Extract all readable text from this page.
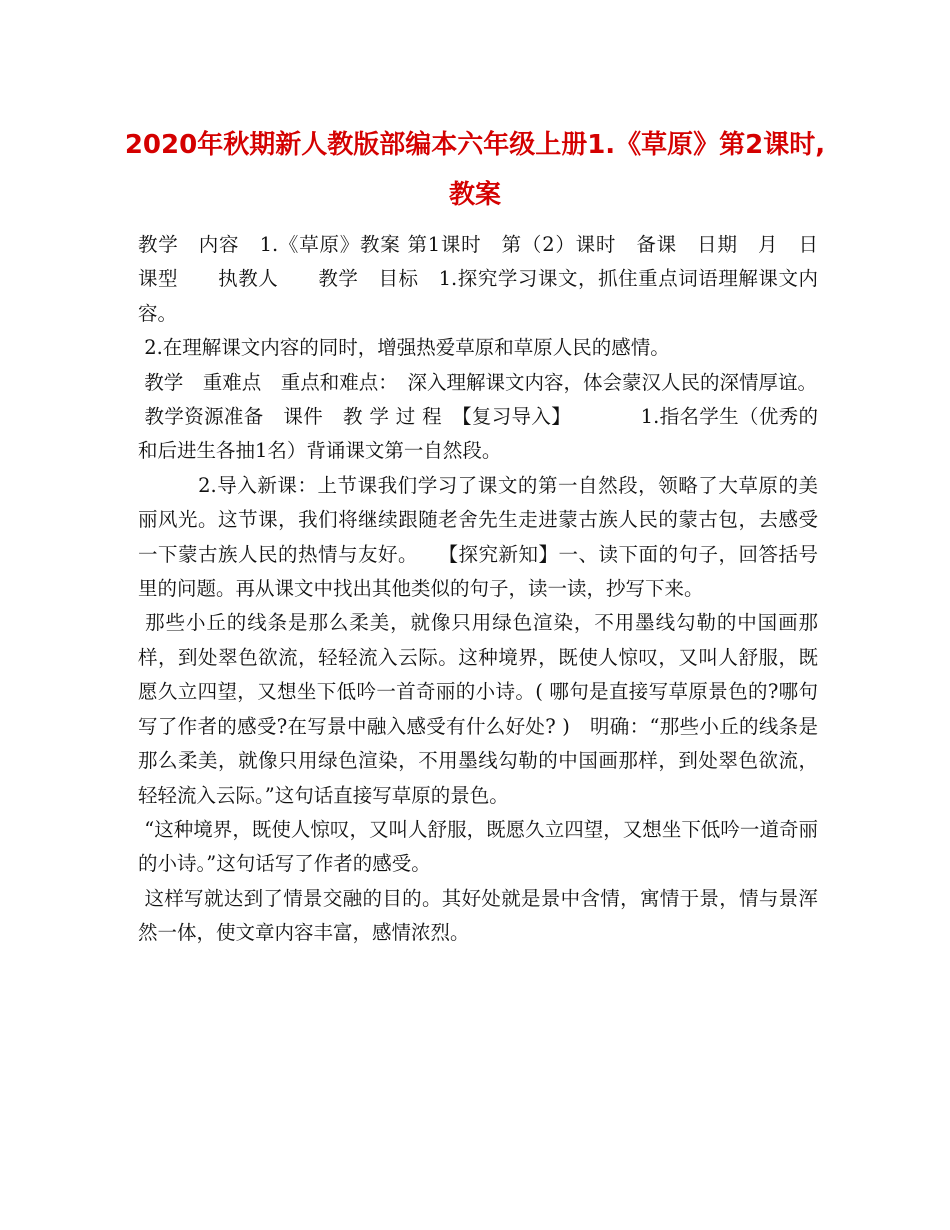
2020年秋期新人教版部编本六年级上册1.《草原》第2课时,教案

教学　内容　1.《草原》教案 第1课时　第（2）课时　备课　日期　月　日　课型　　执教人　　教学　目标　1.探究学习课文，抓住重点词语理解课文内容。

2.在理解课文内容的同时，增强热爱草原和草原人民的感情。

教学　重难点　重点和难点：　深入理解课文内容，体会蒙汉人民的深情厚谊。

教学资源准备　课件　教 学 过 程　【复习导入】　　　　1.指名学生（优秀的和后进生各抽1名）背诵课文第一自然段。

　　　2.导入新课：上节课我们学习了课文的第一自然段，领略了大草原的美丽风光。这节课，我们将继续跟随老舍先生走进蒙古族人民的蒙古包，去感受一下蒙古族人民的热情与友好。　　【探究新知】一、读下面的句子，回答括号里的问题。再从课文中找出其他类似的句子，读一读，抄写下来。

那些小丘的线条是那么柔美，就像只用绿色渲染，不用墨线勾勒的中国画那样，到处翠色欲流，轻轻流入云际。这种境界，既使人惊叹，又叫人舒服，既愿久立四望，又想坐下低吟一首奇丽的小诗。( 哪句是直接写草原景色的?哪句写了作者的感受?在写景中融入感受有什么好处? )　明确：“那些小丘的线条是那么柔美，就像只用绿色渲染，不用墨线勾勒的中国画那样，到处翠色欲流，轻轻流入云际。”这句话直接写草原的景色。

“这种境界，既使人惊叹，又叫人舒服，既愿久立四望，又想坐下低吟一道奇丽的小诗。”这句话写了作者的感受。

这样写就达到了情景交融的目的。其好处就是景中含情，寓情于景，情与景浑然一体，使文章内容丰富，感情浓烈。
